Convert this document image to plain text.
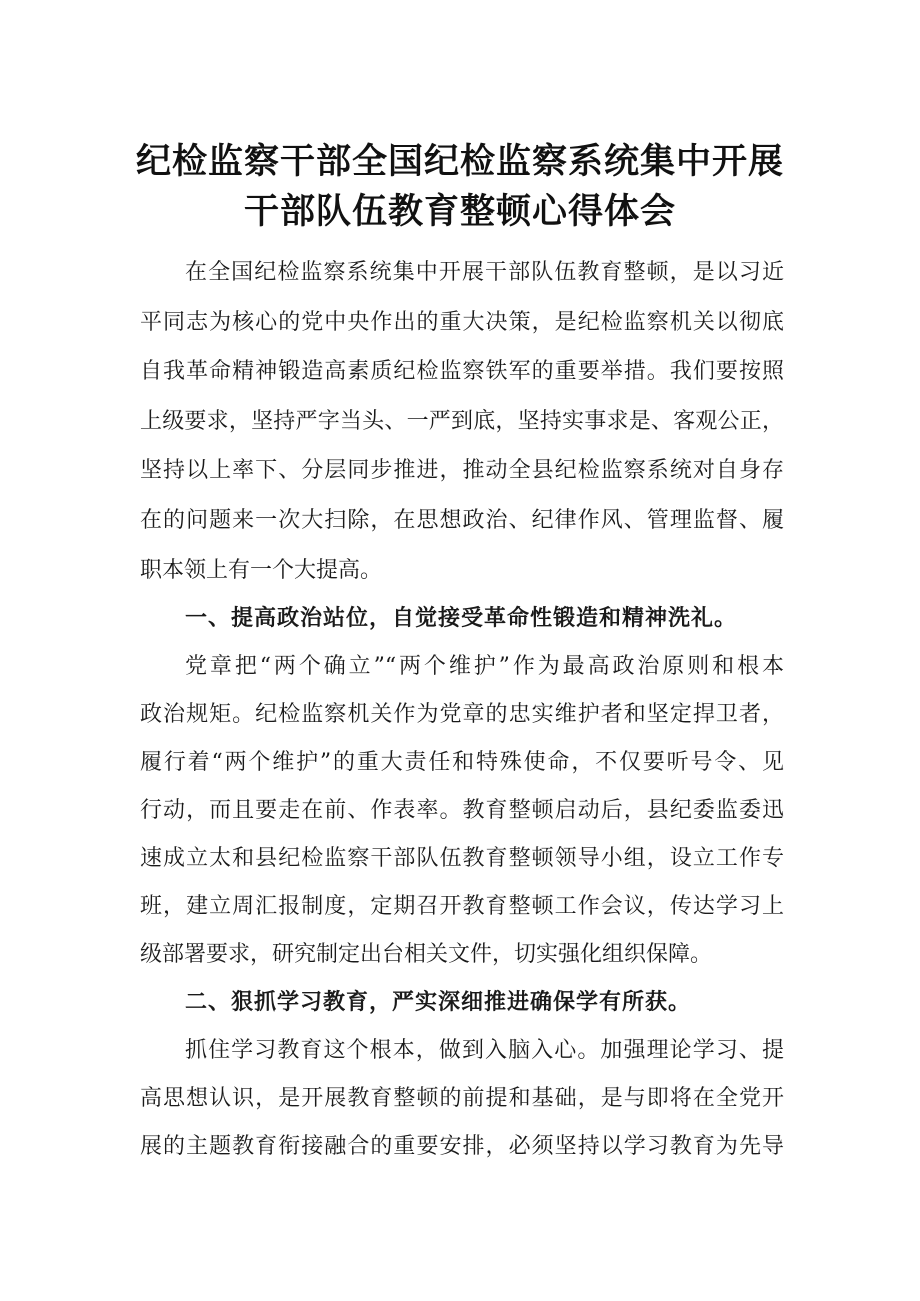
纪检监察干部全国纪检监察系统集中开展
干部队伍教育整顿心得体会
在全国纪检监察系统集中开展干部队伍教育整顿，是以习近
平同志为核心的党中央作出的重大决策，是纪检监察机关以彻底
自我革命精神锻造高素质纪检监察铁军的重要举措。我们要按照
上级要求，坚持严字当头、一严到底，坚持实事求是、客观公正，
坚持以上率下、分层同步推进，推动全县纪检监察系统对自身存
在的问题来一次大扫除，在思想政治、纪律作风、管理监督、履
职本领上有一个大提高。
一、提高政治站位，自觉接受革命性锻造和精神洗礼。
党章把“两个确立”“两个维护”作为最高政治原则和根本
政治规矩。纪检监察机关作为党章的忠实维护者和坚定捍卫者，
履行着“两个维护”的重大责任和特殊使命，不仅要听号令、见
行动，而且要走在前、作表率。教育整顿启动后，县纪委监委迅
速成立太和县纪检监察干部队伍教育整顿领导小组，设立工作专
班，建立周汇报制度，定期召开教育整顿工作会议，传达学习上
级部署要求，研究制定出台相关文件，切实强化组织保障。
二、狠抓学习教育，严实深细推进确保学有所获。
抓住学习教育这个根本，做到入脑入心。加强理论学习、提
高思想认识，是开展教育整顿的前提和基础，是与即将在全党开
展的主题教育衔接融合的重要安排，必须坚持以学习教育为先导
